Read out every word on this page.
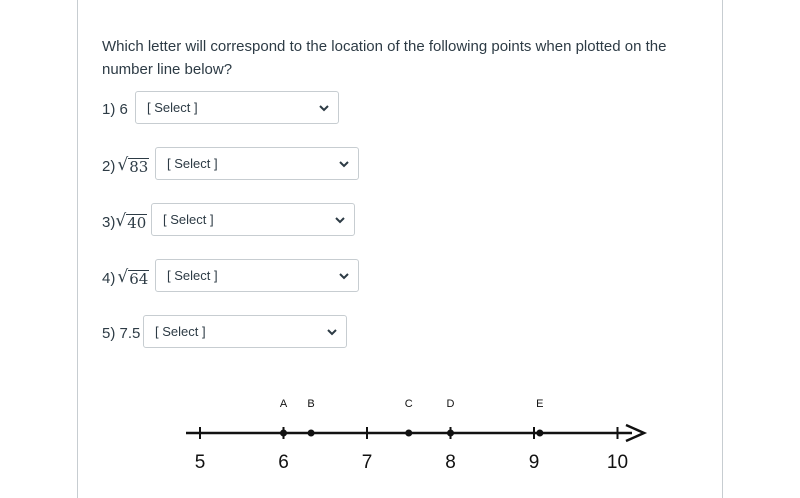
Which letter will correspond to the location of the following points when plotted on the number line below?
1)
6 [ Select ]
2) √ 83 [ Select ]
3) √ 40 [ Select ]
4) √ 64 [ Select ]
5)
7.5 [ Select ]
5	6	7	8	9	10
A B	C	D	E
